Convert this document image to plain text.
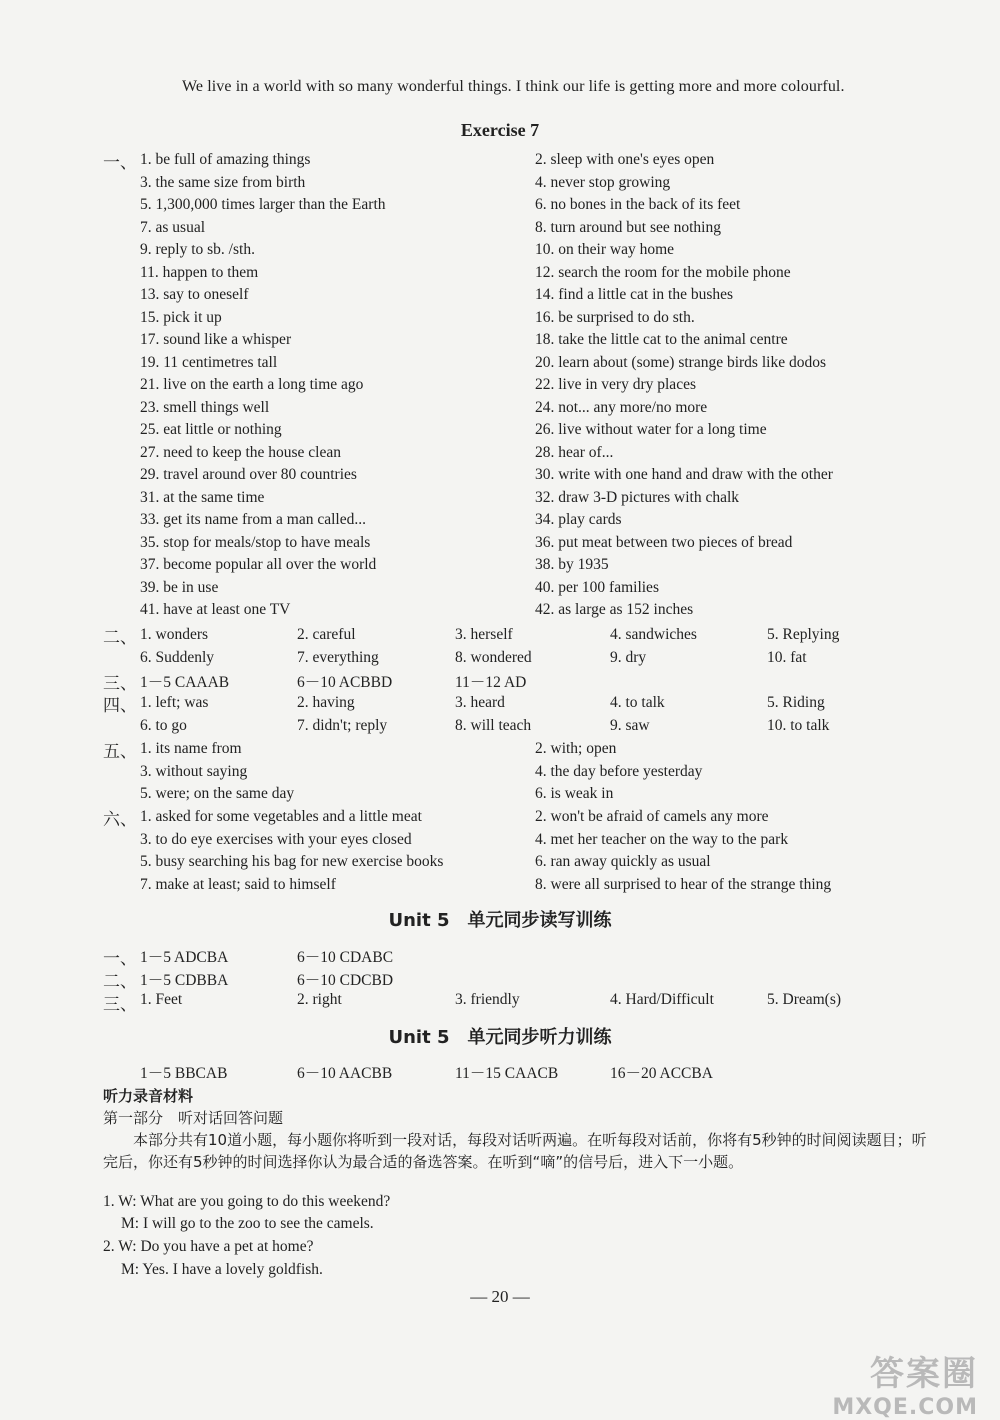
We live in a world with so many wonderful things. I think our life is getting more and more colourful.
Exercise 7
一、 1. be full of amazing things	2. sleep with one's eyes open
3. the same size from birth	4. never stop growing
5. 1,300,000 times larger than the Earth	6. no bones in the back of its feet
7. as usual	8. turn around but see nothing
9. reply to sb. /sth.	10. on their way home
11. happen to them	12. search the room for the mobile phone
13. say to oneself	14. find a little cat in the bushes
15. pick it up	16. be surprised to do sth.
17. sound like a whisper	18. take the little cat to the animal centre
19. 11 centimetres tall	20. learn about (some) strange birds like dodos
21. live on the earth a long time ago	22. live in very dry places
23. smell things well	24. not... any more/no more
25. eat little or nothing	26. live without water for a long time
27. need to keep the house clean	28. hear of...
29. travel around over 80 countries	30. write with one hand and draw with the other
31. at the same time	32. draw 3-D pictures with chalk
33. get its name from a man called...	34. play cards
35. stop for meals/stop to have meals	36. put meat between two pieces of bread
37. become popular all over the world	38. by 1935
39. be in use	40. per 100 families
41. have at least one TV	42. as large as 152 inches
二、 1. wonders	2. careful	3. herself	4. sandwiches	5. Replying
6. Suddenly	7. everything	8. wondered	9. dry	10. fat
三、 1－5 CAAAB	6－10 ACBBD	11－12 AD
四、 1. left; was	2. having	3. heard	4. to talk	5. Riding
6. to go	7. didn't; reply	8. will teach	9. saw	10. to talk
五、 1. its name from	2. with; open
3. without saying	4. the day before yesterday
5. were; on the same day	6. is weak in
六、 1. asked for some vegetables and a little meat	2. won't be afraid of camels any more
3. to do eye exercises with your eyes closed	4. met her teacher on the way to the park
5. busy searching his bag for new exercise books	6. ran away quickly as usual
7. make at least; said to himself	8. were all surprised to hear of the strange thing
Unit 5　单元同步读写训练
一、 1－5 ADCBA	6－10 CDABC
二、 1－5 CDBBA	6－10 CDCBD
三、 1. Feet	2. right	3. friendly	4. Hard/Difficult	5. Dream(s)
Unit 5　单元同步听力训练
1－5 BBCAB	6－10 AACBB	11－15 CAACB	16－20 ACCBA
听力录音材料
第一部分　听对话回答问题

本部分共有10道小题，每小题你将听到一段对话，每段对话听两遍。在听每段对话前，你将有5秒钟的时间阅读题目；听完后，你还有5秒钟的时间选择你认为最合适的备选答案。在听到“嘀”的信号后，进入下一小题。

1. W: What are you going to do this weekend?
M: I will go to the zoo to see the camels.
2. W: Do you have a pet at home?
M: Yes. I have a lovely goldfish.
— 20 —
答案圈
MXQE.COM
